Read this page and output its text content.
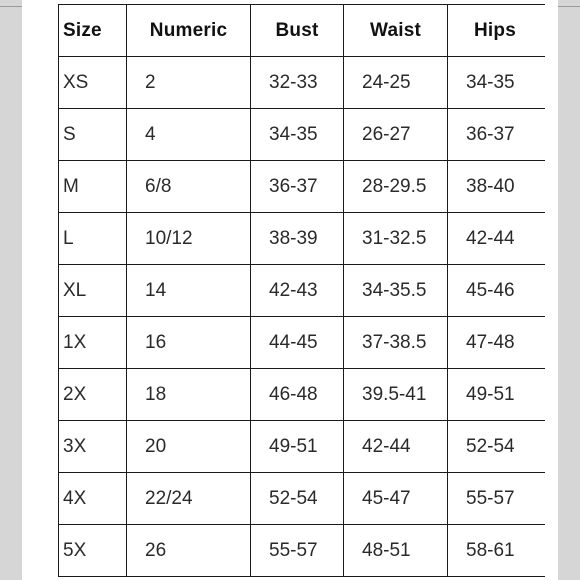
Size	Numeric	Bust	Waist	Hips
XS	2	32-33	24-25	34-35
S	4	34-35	26-27	36-37
M	6/8	36-37	28-29.5	38-40
L	10/12	38-39	31-32.5	42-44
XL	14	42-43	34-35.5	45-46
1X	16	44-45	37-38.5	47-48
2X	18	46-48	39.5-41	49-51
3X	20	49-51	42-44	52-54
4X	22/24	52-54	45-47	55-57
5X	26	55-57	48-51	58-61
